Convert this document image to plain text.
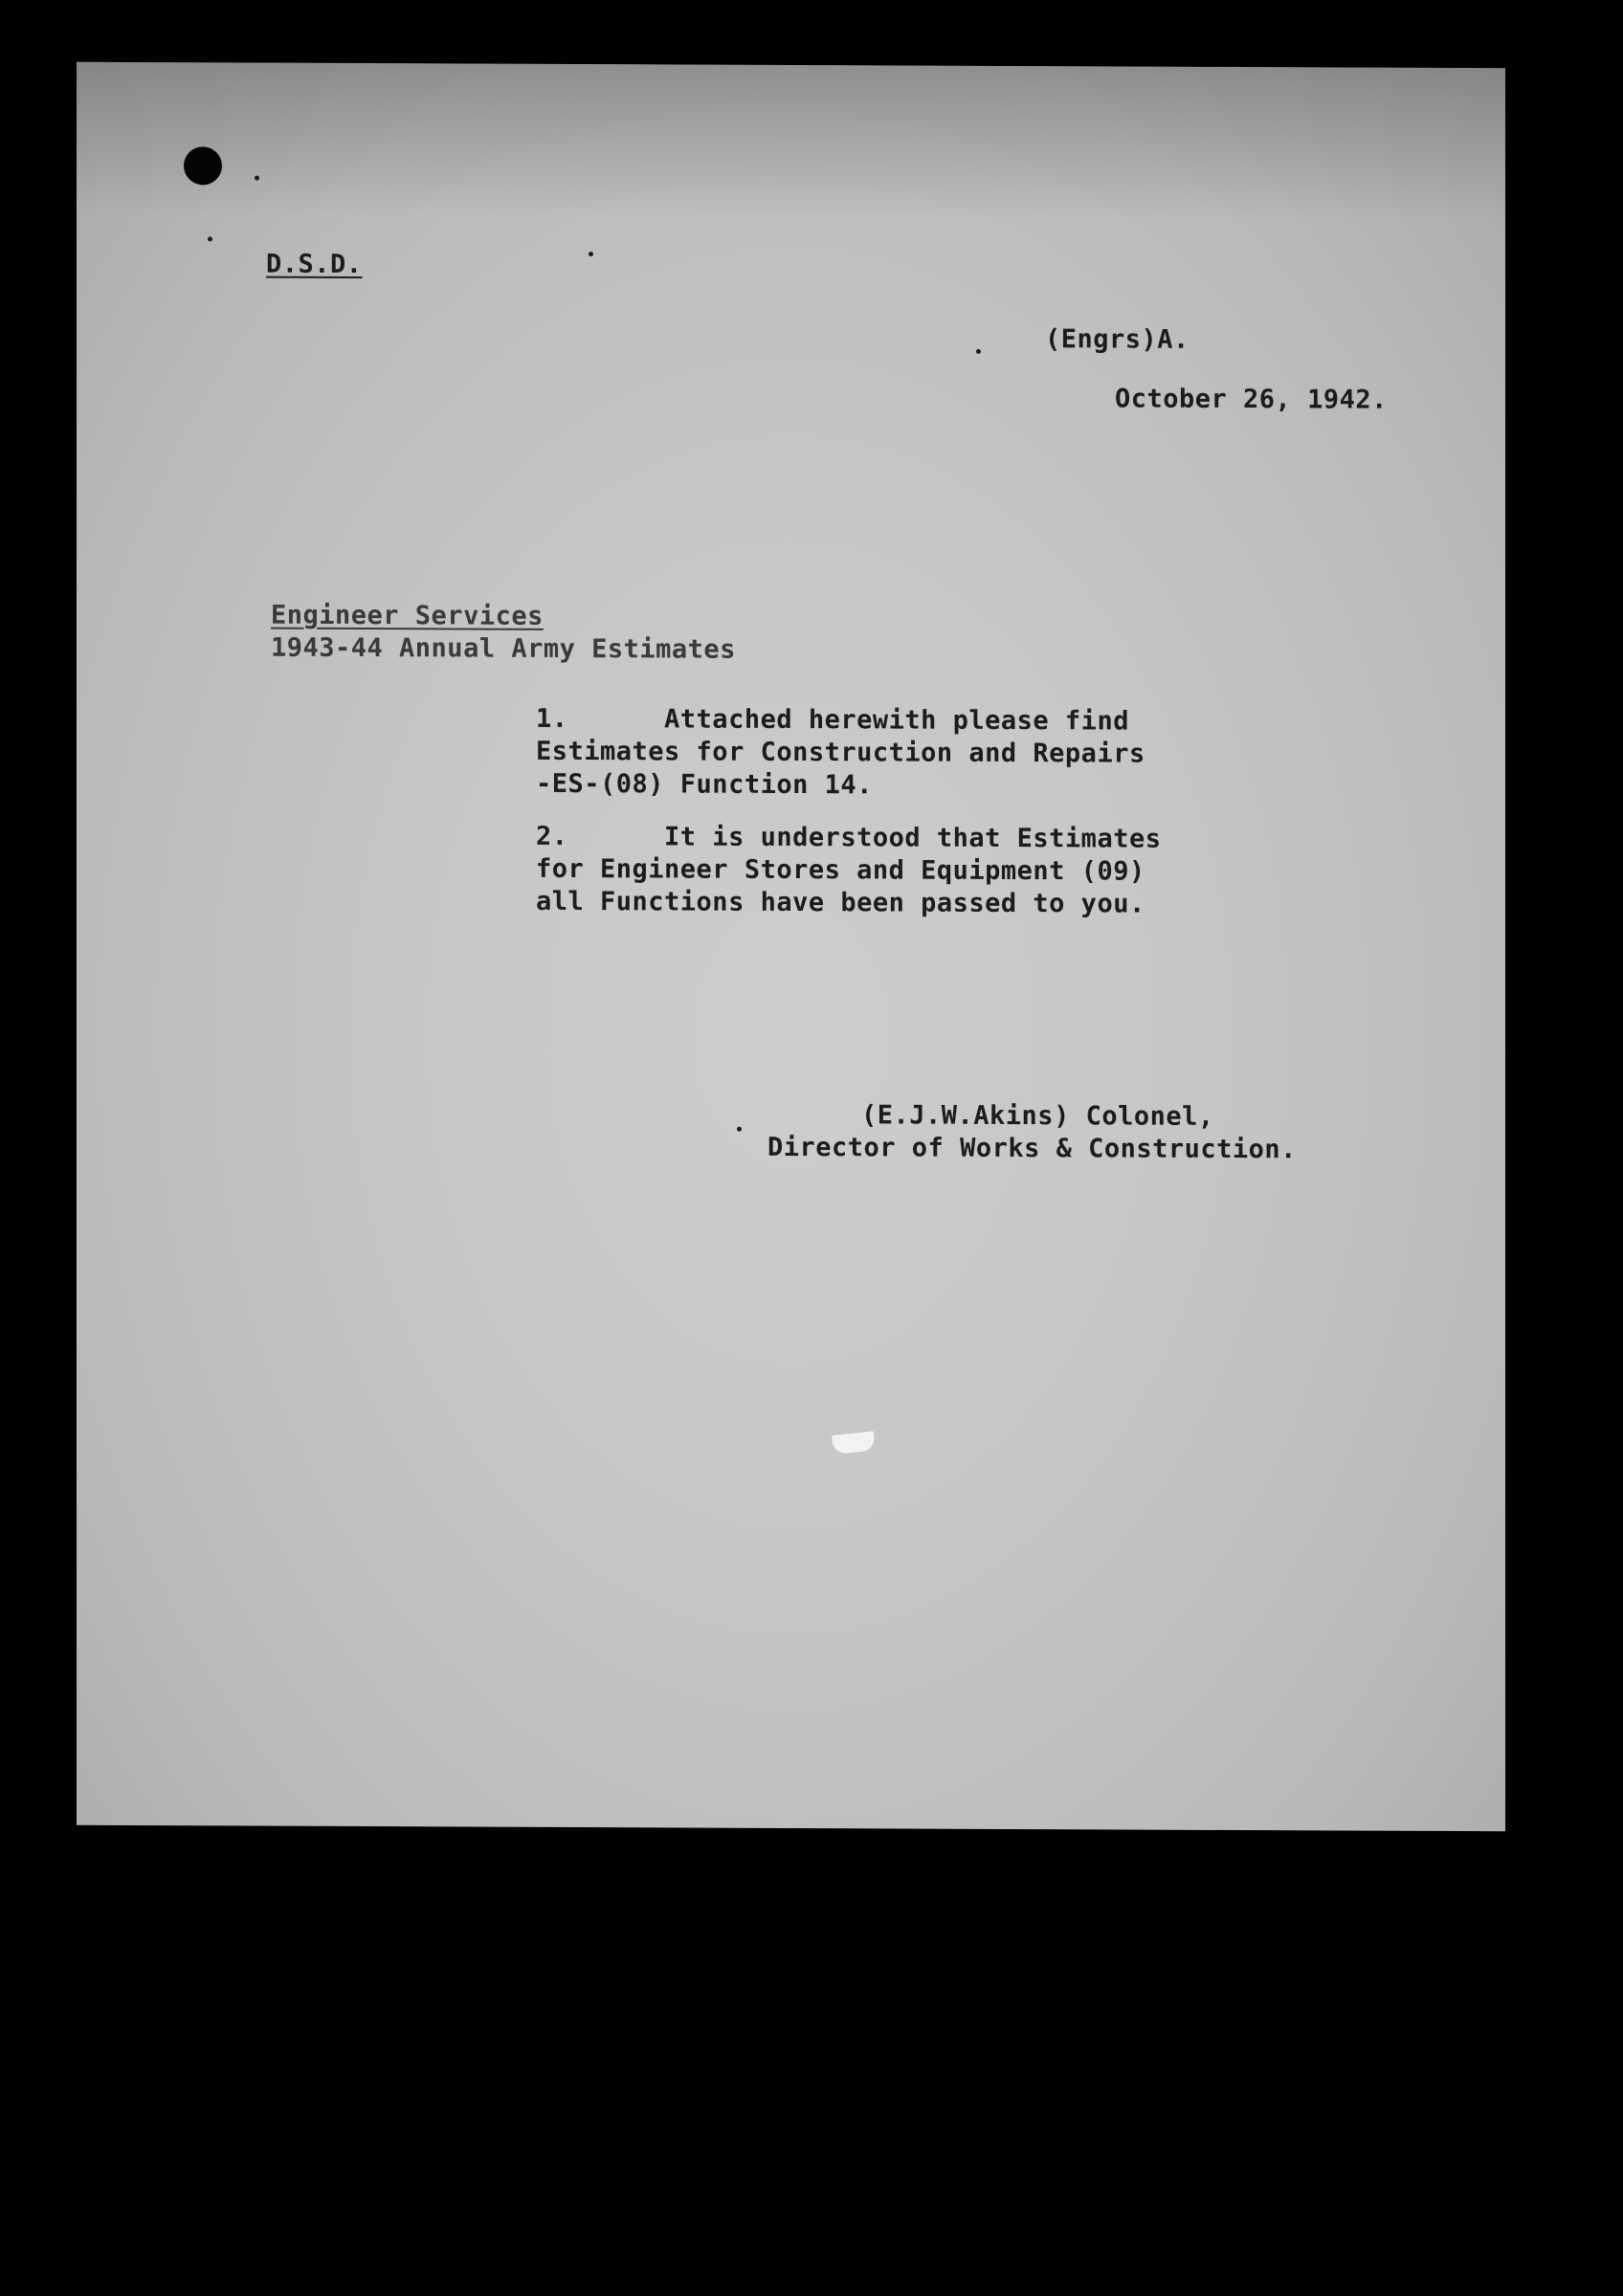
D.S.D.
(Engrs)A.
October 26, 1942.
Engineer Services
1943-44 Annual Army Estimates
1.      Attached herewith please find
Estimates for Construction and Repairs
-ES-(08) Function 14.
2.      It is understood that Estimates
for Engineer Stores and Equipment (09)
all Functions have been passed to you.
(E.J.W.Akins) Colonel,
Director of Works & Construction.
